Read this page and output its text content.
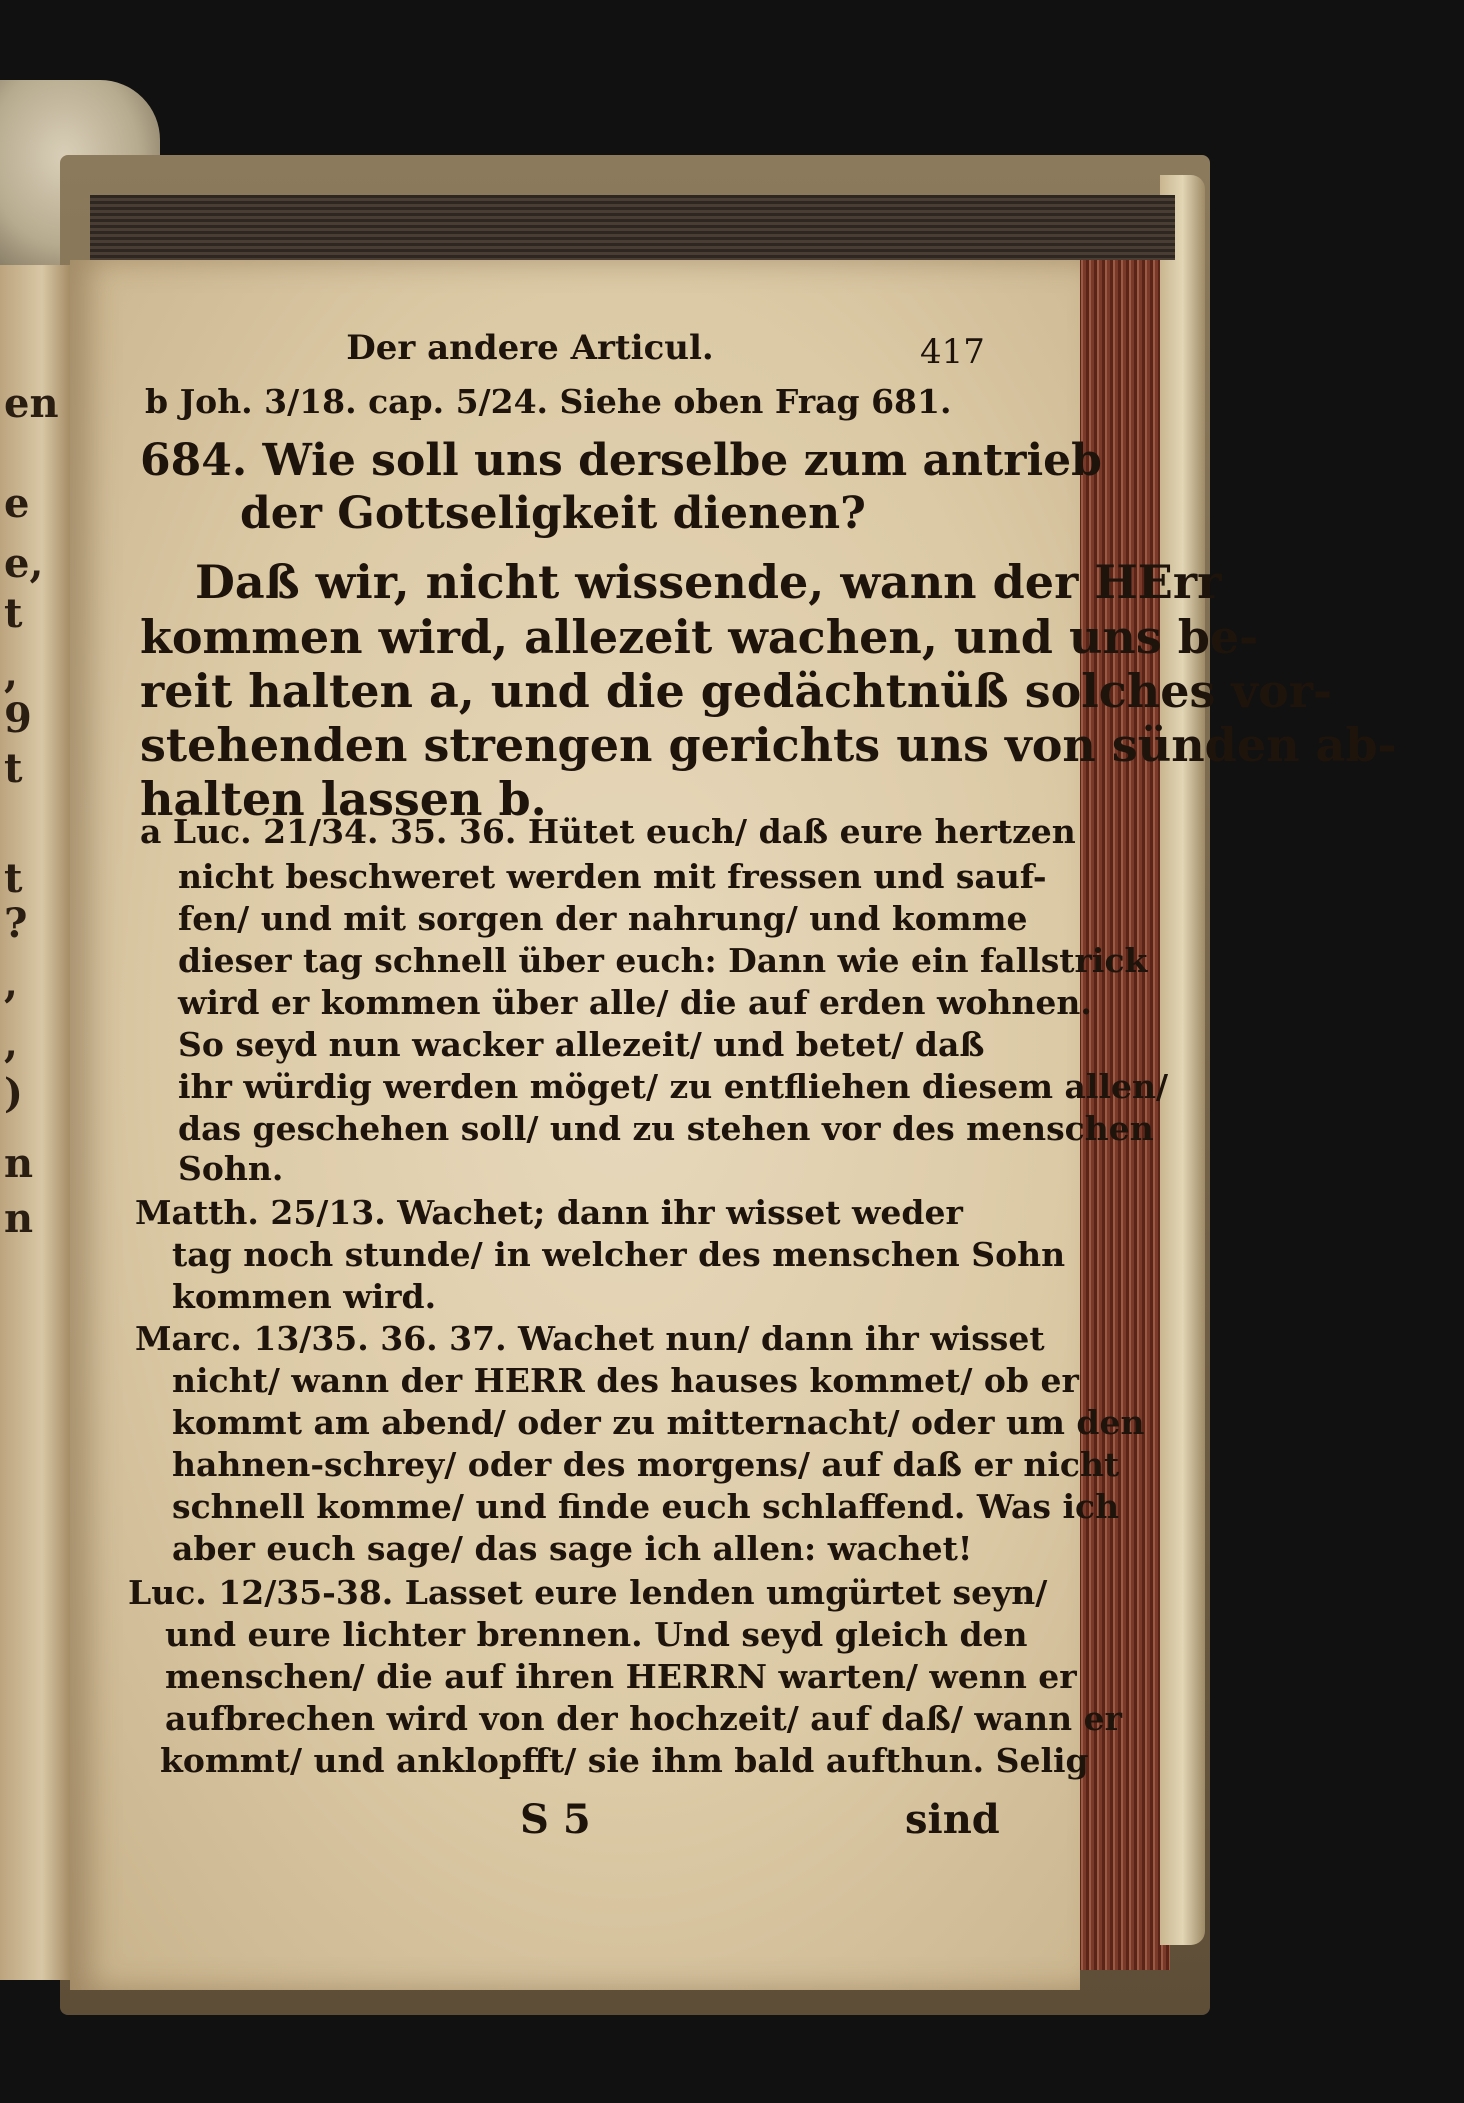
en
e
e,
t
,
9
t
t
?
,
,
)
n
n
Der andere Articul.	417
b Joh. 3/18. cap. 5/24. Siehe oben Frag 681.
684. Wie soll uns derselbe zum antrieb
der Gottseligkeit dienen?
Daß wir, nicht wissende, wann der HErr
kommen wird, allezeit wachen, und uns be-
reit halten a, und die gedächtnüß solches vor-
stehenden strengen gerichts uns von sünden ab-
halten lassen b.
a Luc. 21/34. 35. 36. Hütet euch/ daß eure hertzen
nicht beschweret werden mit fressen und sauf-
fen/ und mit sorgen der nahrung/ und komme
dieser tag schnell über euch: Dann wie ein fallstrick
wird er kommen über alle/ die auf erden wohnen.
So seyd nun wacker allezeit/ und betet/ daß
ihr würdig werden möget/ zu entfliehen diesem allen/
das geschehen soll/ und zu stehen vor des menschen
Sohn.
Matth. 25/13. Wachet; dann ihr wisset weder
tag noch stunde/ in welcher des menschen Sohn
kommen wird.
Marc. 13/35. 36. 37. Wachet nun/ dann ihr wisset
nicht/ wann der HERR des hauses kommet/ ob er
kommt am abend/ oder zu mitternacht/ oder um den
hahnen-schrey/ oder des morgens/ auf daß er nicht
schnell komme/ und finde euch schlaffend. Was ich
aber euch sage/ das sage ich allen: wachet!
Luc. 12/35-38. Lasset eure lenden umgürtet seyn/
und eure lichter brennen. Und seyd gleich den
menschen/ die auf ihren HERRN warten/ wenn er
aufbrechen wird von der hochzeit/ auf daß/ wann er
kommt/ und anklopfft/ sie ihm bald aufthun. Selig
S 5	sind
